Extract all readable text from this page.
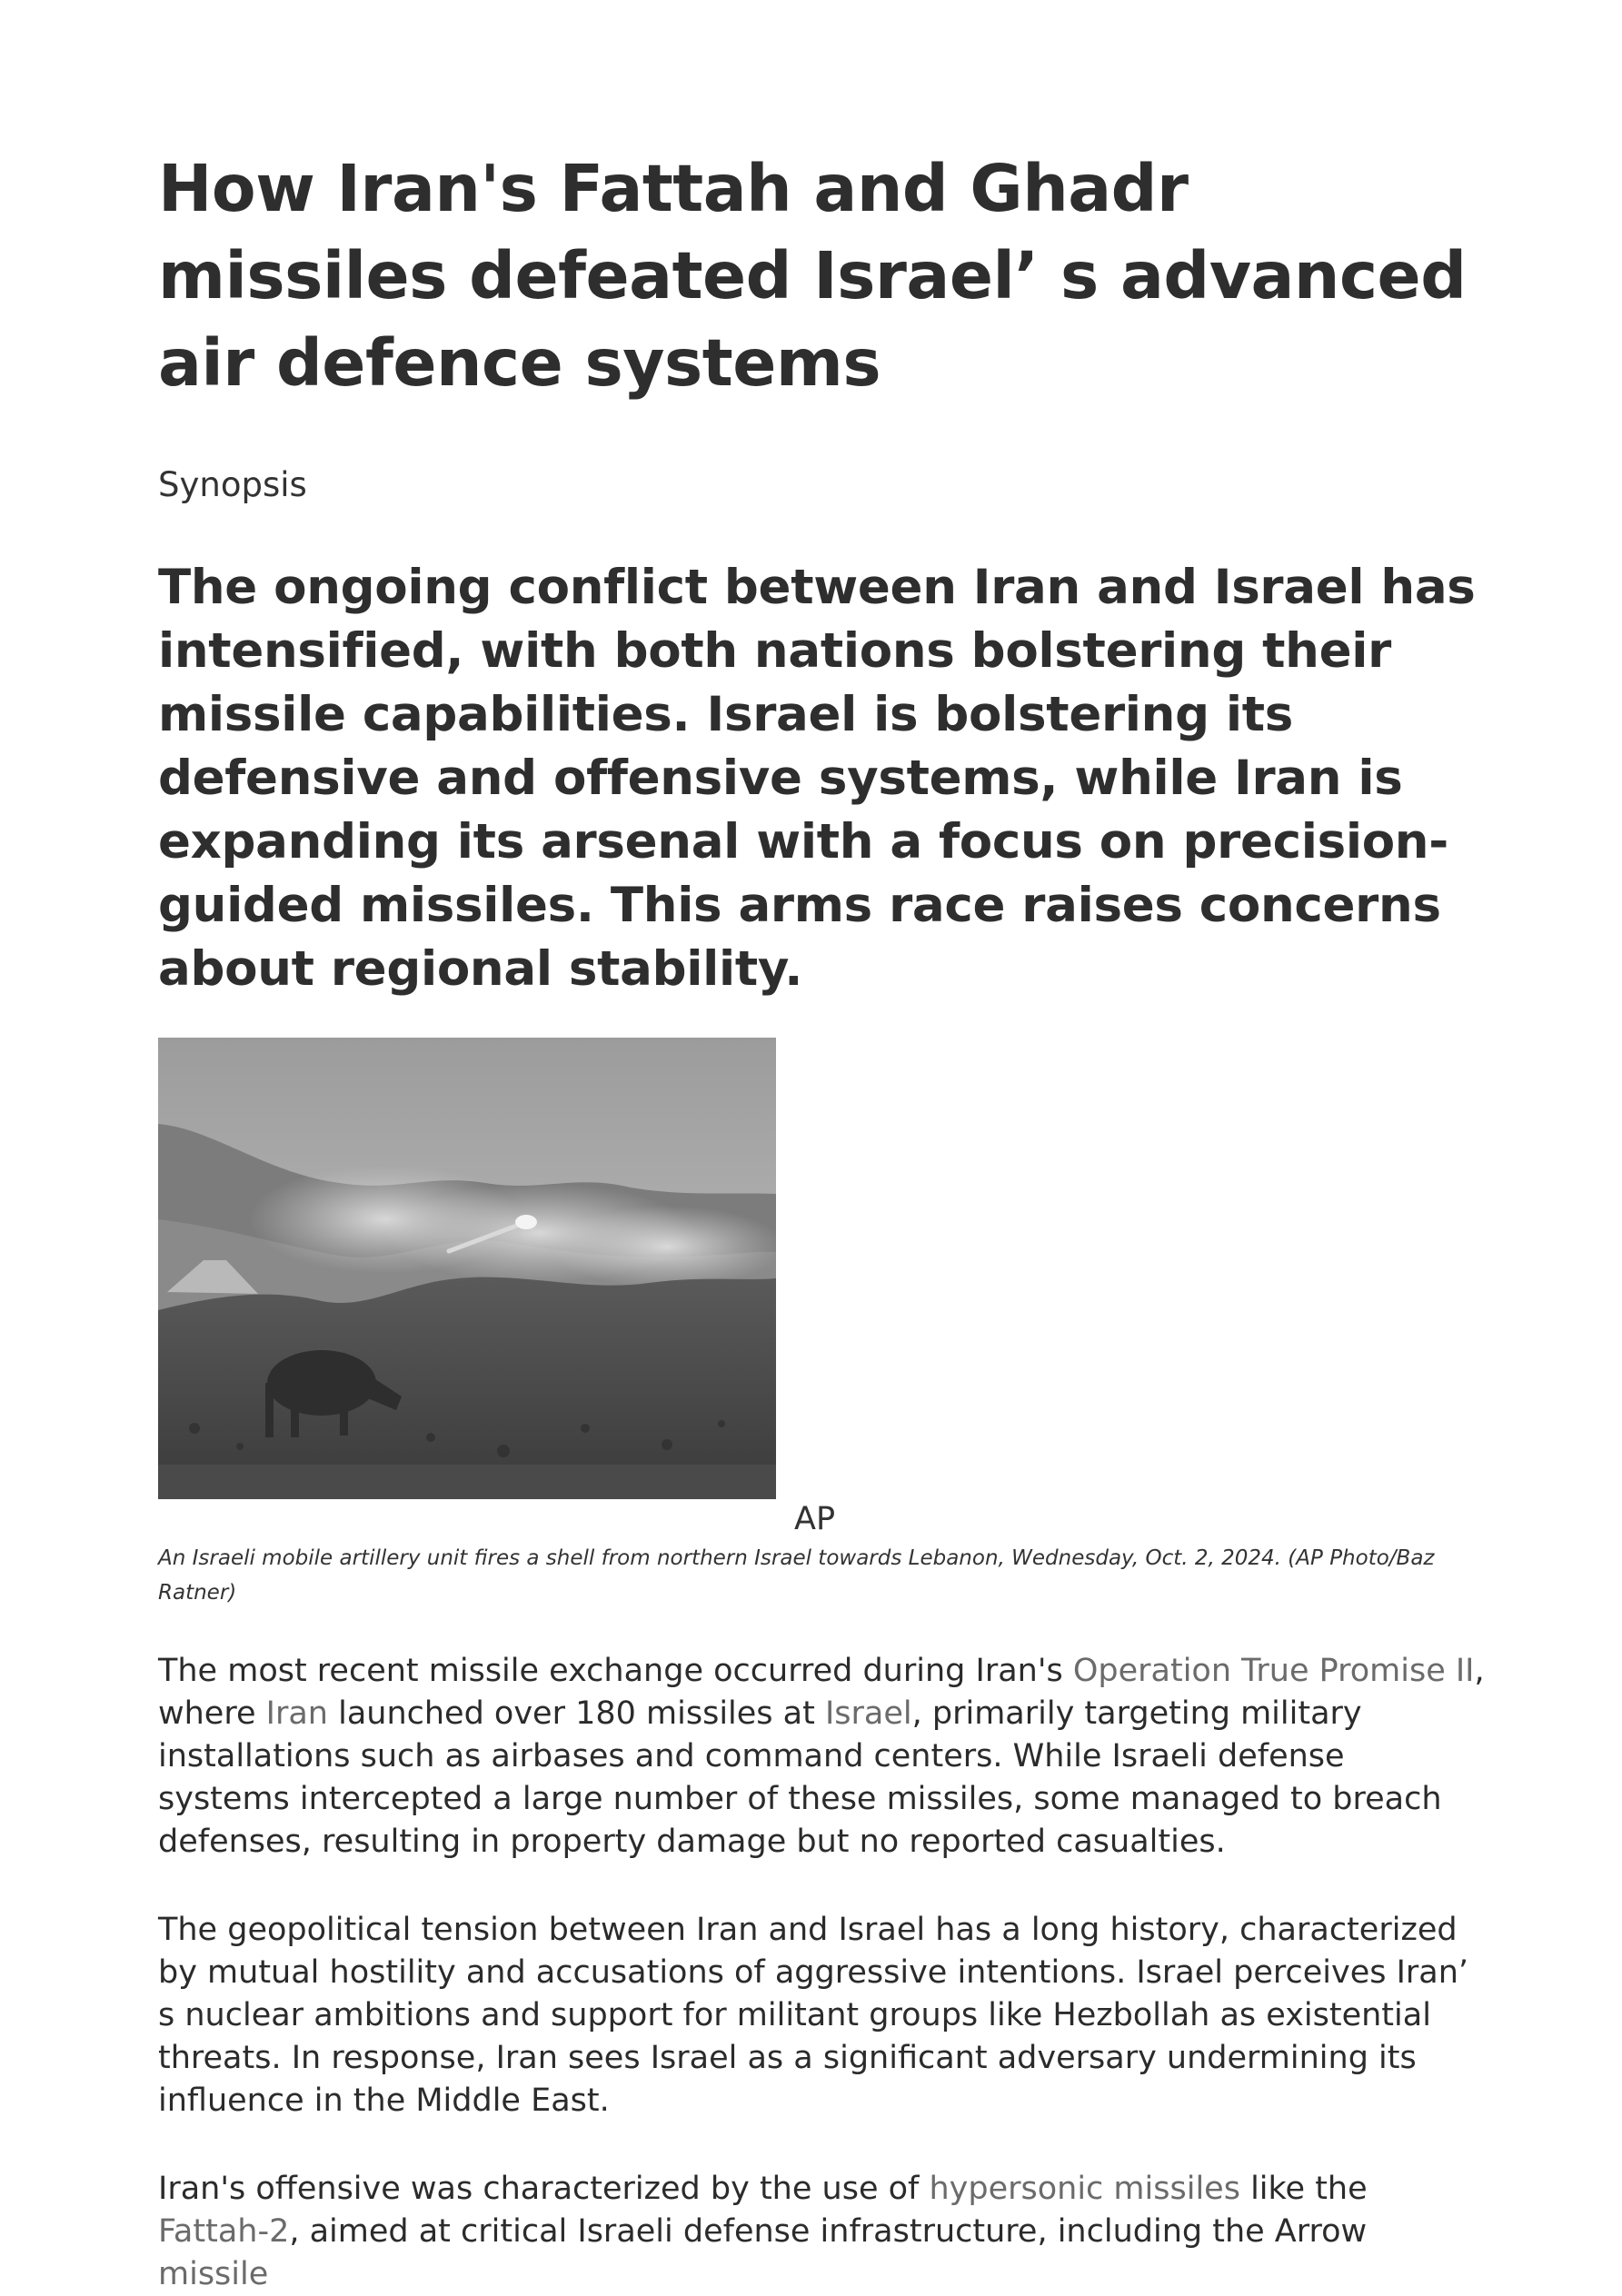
How Iran's Fattah and Ghadr missiles defeated Israel’ s advanced air defence systems
Synopsis
The ongoing conflict between Iran and Israel has intensified, with both nations bolstering their missile capabilities. Israel is bolstering its defensive and offensive systems, while Iran is expanding its arsenal with a focus on precision-guided missiles. This arms race raises concerns about regional stability.
AP
An Israeli mobile artillery unit fires a shell from northern Israel towards Lebanon, Wednesday, Oct. 2, 2024. (AP Photo/Baz Ratner)

The most recent missile exchange occurred during Iran's Operation True Promise II, where Iran launched over 180 missiles at Israel, primarily targeting military installations such as airbases and command centers. While Israeli defense systems intercepted a large number of these missiles, some managed to breach defenses, resulting in property damage but no reported casualties.

The geopolitical tension between Iran and Israel has a long history, characterized by mutual hostility and accusations of aggressive intentions. Israel perceives Iran’ s nuclear ambitions and support for militant groups like Hezbollah as existential threats. In response, Iran sees Israel as a significant adversary undermining its influence in the Middle East.

Iran's offensive was characterized by the use of hypersonic missiles like the Fattah-2, aimed at critical Israeli defense infrastructure, including the Arrow missile
